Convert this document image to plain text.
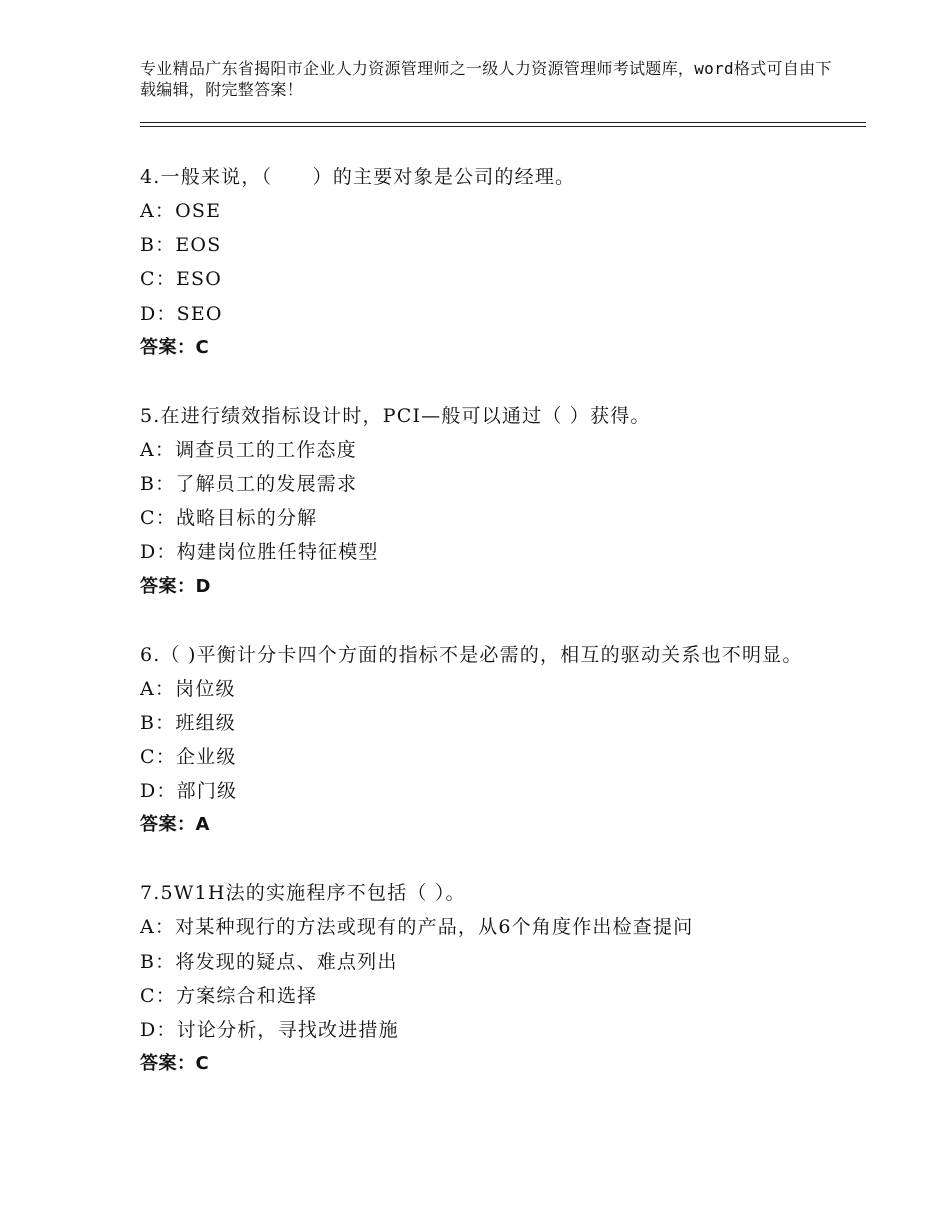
专业精品广东省揭阳市企业人力资源管理师之一级人力资源管理师考试题库，word格式可自由下载编辑，附完整答案！
4.一般来说，（　　）的主要对象是公司的经理。
A：OSE
B：EOS
C：ESO
D：SEO
答案：C
5.在进行绩效指标设计时，PCI—般可以通过（ ）获得。
A：调查员工的工作态度
B：了解员工的发展需求
C：战略目标的分解
D：构建岗位胜任特征模型
答案：D
6.（ )平衡计分卡四个方面的指标不是必需的，相互的驱动关系也不明显。
A：岗位级
B：班组级
C：企业级
D：部门级
答案：A
7.5W1H法的实施程序不包括（ ）。
A：对某种现行的方法或现有的产品，从6个角度作出检查提问
B：将发现的疑点、难点列出
C：方案综合和选择
D：讨论分析，寻找改进措施
答案：C
